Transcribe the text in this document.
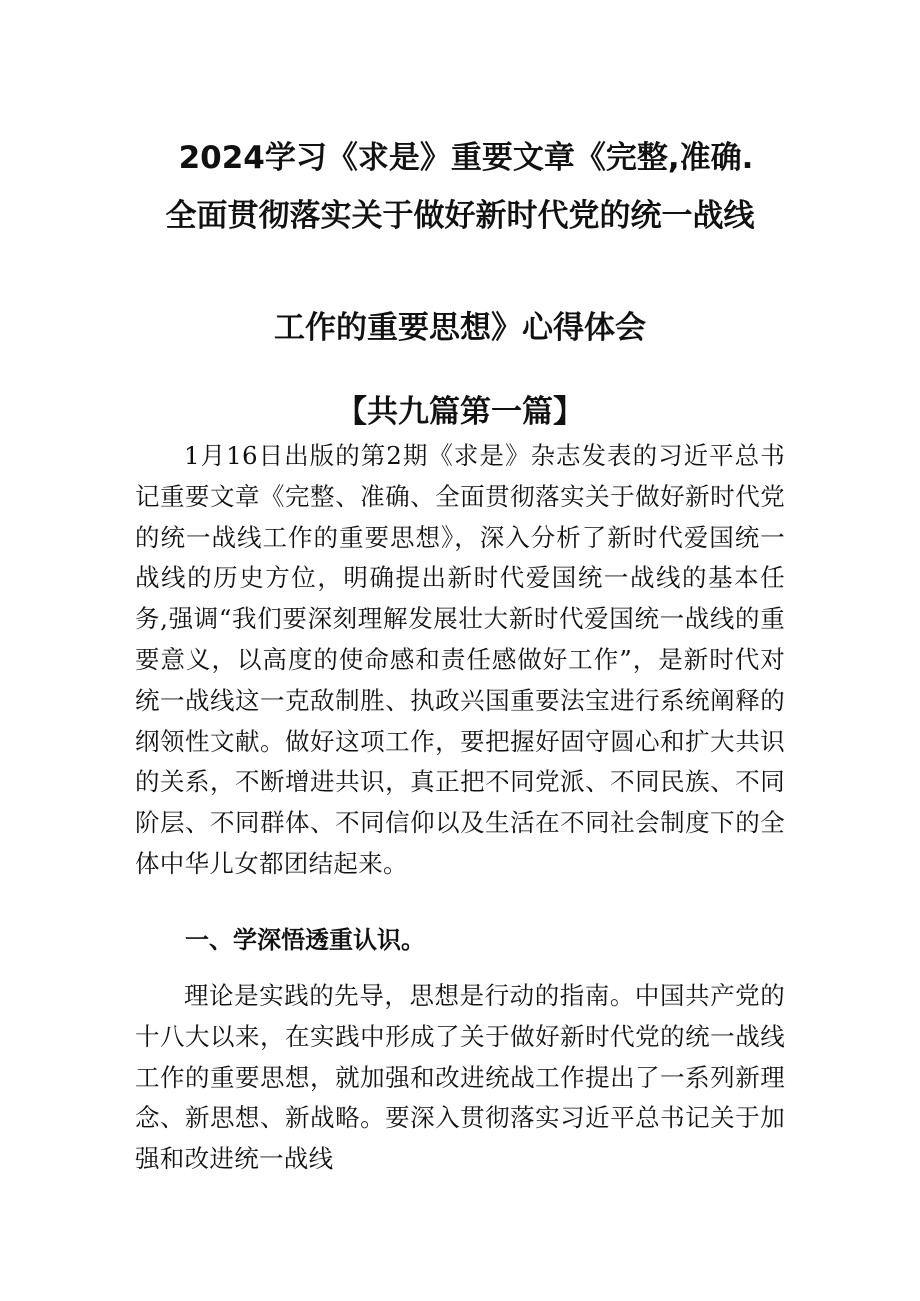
2024学习《求是》重要文章《完整,准确.
全面贯彻落实关于做好新时代党的统一战线
工作的重要思想》心得体会
【共九篇第一篇】

1月16日出版的第2期《求是》杂志发表的习近平总书记重要文章《完整、准确、全面贯彻落实关于做好新时代党的统一战线工作的重要思想》，深入分析了新时代爱国统一战线的历史方位，明确提出新时代爱国统一战线的基本任务,强调“我们要深刻理解发展壮大新时代爱国统一战线的重要意义，以高度的使命感和责任感做好工作”，是新时代对统一战线这一克敌制胜、执政兴国重要法宝进行系统阐释的纲领性文献。做好这项工作，要把握好固守圆心和扩大共识的关系，不断增进共识，真正把不同党派、不同民族、不同阶层、不同群体、不同信仰以及生活在不同社会制度下的全体中华儿女都团结起来。

一、学深悟透重认识。

理论是实践的先导，思想是行动的指南。中国共产党的十八大以来，在实践中形成了关于做好新时代党的统一战线工作的重要思想，就加强和改进统战工作提出了一系列新理念、新思想、新战略。要深入贯彻落实习近平总书记关于加强和改进统一战线
